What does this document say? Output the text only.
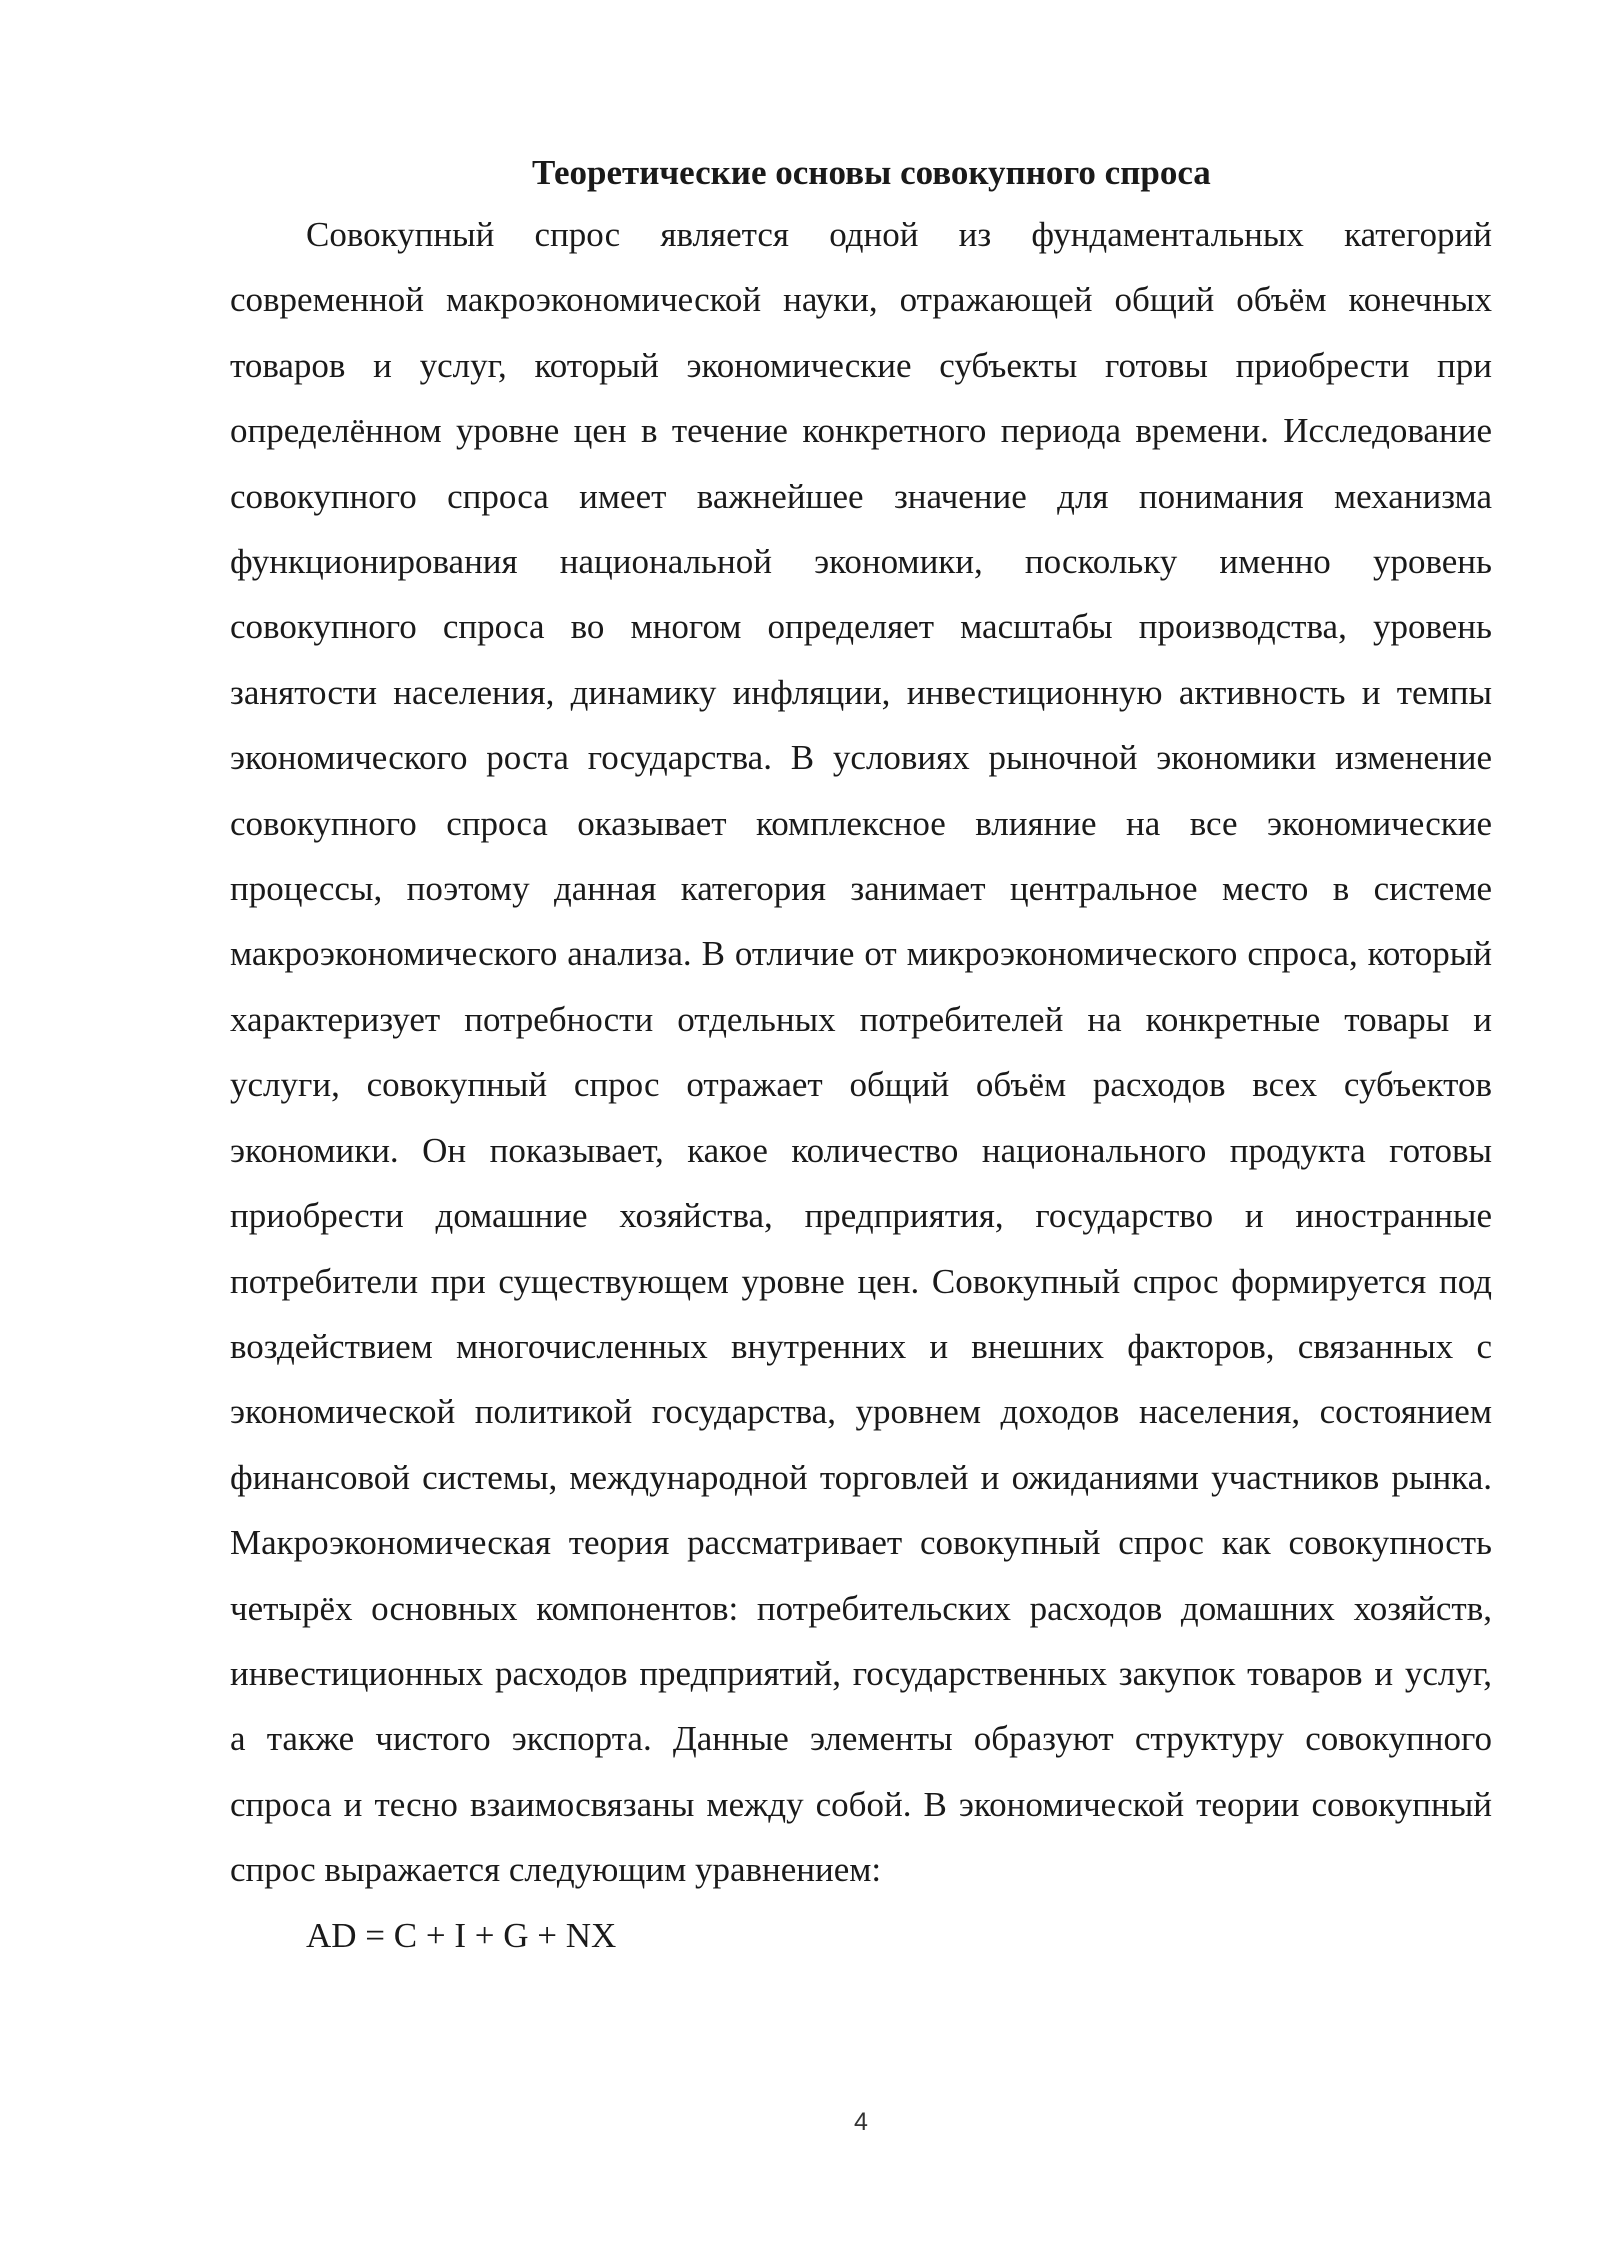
Теоретические основы совокупного спроса

Совокупный спрос является одной из фундаментальных категорий современной макроэкономической науки, отражающей общий объём конечных товаров и услуг, который экономические субъекты готовы приобрести при определённом уровне цен в течение конкретного периода времени. Исследование совокупного спроса имеет важнейшее значение для понимания механизма функционирования национальной экономики, поскольку именно уровень совокупного спроса во многом определяет масштабы производства, уровень занятости населения, динамику инфляции, инвестиционную активность и темпы экономического роста государства. В условиях рыночной экономики изменение совокупного спроса оказывает комплексное влияние на все экономические процессы, поэтому данная категория занимает центральное место в системе макроэкономического анализа. В отличие от микроэкономического спроса, который характеризует потребности отдельных потребителей на конкретные товары и услуги, совокупный спрос отражает общий объём расходов всех субъектов экономики. Он показывает, какое количество национального продукта готовы приобрести домашние хозяйства, предприятия, государство и иностранные потребители при существующем уровне цен. Совокупный спрос формируется под воздействием многочисленных внутренних и внешних факторов, связанных с экономической политикой государства, уровнем доходов населения, состоянием финансовой системы, международной торговлей и ожиданиями участников рынка. Макроэкономическая теория рассматривает совокупный спрос как совокупность четырёх основных компонентов: потребительских расходов домашних хозяйств, инвестиционных расходов предприятий, государственных закупок товаров и услуг, а также чистого экспорта. Данные элементы образуют структуру совокупного спроса и тесно взаимосвязаны между собой. В экономической теории совокупный спрос выражается следующим уравнением:

AD = C + I + G + NX

4
